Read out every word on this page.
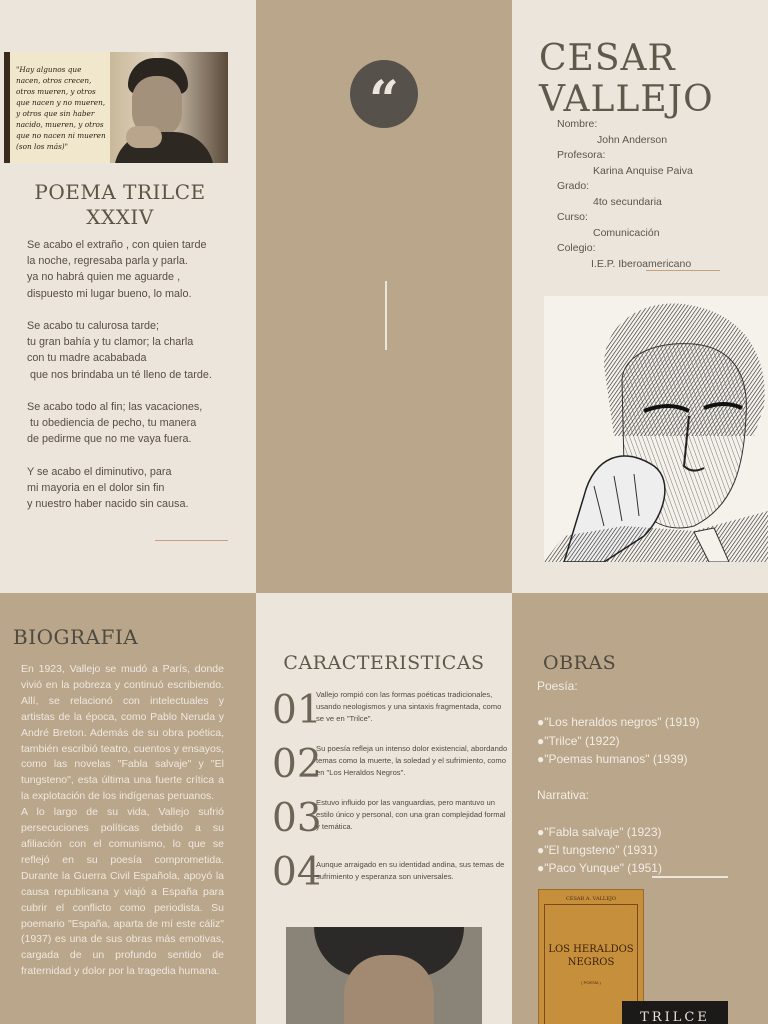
"Hay algunos que nacen, otros crecen, otros mueren, y otros que nacen y no mueren, y otros que sin haber nacido, mueren, y otros que no nacen ni mueren (son los más)"
POEMA TRILCE XXXIV
Se acabo el extraño , con quien tarde
la noche, regresaba parla y parla.
ya no habrá quien me aguarde ,
dispuesto mi lugar bueno, lo malo.
Se acabo tu calurosa tarde;
tu gran bahía y tu clamor; la charla
con tu madre acababada
que nos brindaba un té lleno de tarde.
Se acabo todo al fin; las vacaciones,
tu obediencia de pecho, tu manera
de pedirme que no me vaya fuera.
Y se acabo el diminutivo, para
mi mayoria en el dolor sin fin
y nuestro haber nacido sin causa.
“
CESAR
VALLEJO
Nombre:
John Anderson
Profesora:
Karina Anquise Paiva
Grado:
4to secundaria
Curso:
Comunicación
Colegio:
I.E.P. Iberoamericano
BIOGRAFIA
En 1923, Vallejo se mudó a París, donde vivió en la pobreza y continuó escribiendo. Allí, se relacionó con intelectuales y artistas de la época, como Pablo Neruda y André Breton. Además de su obra poética, también escribió teatro, cuentos y ensayos, como las novelas "Fabla salvaje" y "El tungsteno", esta última una fuerte crítica a la explotación de los indígenas peruanos.
A lo largo de su vida, Vallejo sufrió persecuciones políticas debido a su afiliación con el comunismo, lo que se reflejó en su poesía comprometida. Durante la Guerra Civil Española, apoyó la causa republicana y viajó a España para cubrir el conflicto como periodista. Su poemario "España, aparta de mí este cáliz" (1937) es una de sus obras más emotivas, cargada de un profundo sentido de fraternidad y dolor por la tragedia humana.
CARACTERISTICAS
01
Vallejo rompió con las formas poéticas tradicionales, usando neologismos y una sintaxis fragmentada, como se ve en "Trilce".
02
Su poesía refleja un intenso dolor existencial, abordando temas como la muerte, la soledad y el sufrimiento, como en "Los Heraldos Negros".
03
Estuvo influido por las vanguardias, pero mantuvo un estilo único y personal, con una gran complejidad formal y temática.
04
Aunque arraigado en su identidad andina, sus temas de sufrimiento y esperanza son universales.
OBRAS
Poesía:
●"Los heraldos negros" (1919)
●"Trilce" (1922)
●"Poemas humanos" (1939)
Narrativa:
●"Fabla salvaje" (1923)
●"El tungsteno" (1931)
●"Paco Yunque" (1951)
CÉSAR A. VALLEJO
LOS HERALDOS
NEGROS
( POESÍA )
TRILCE
